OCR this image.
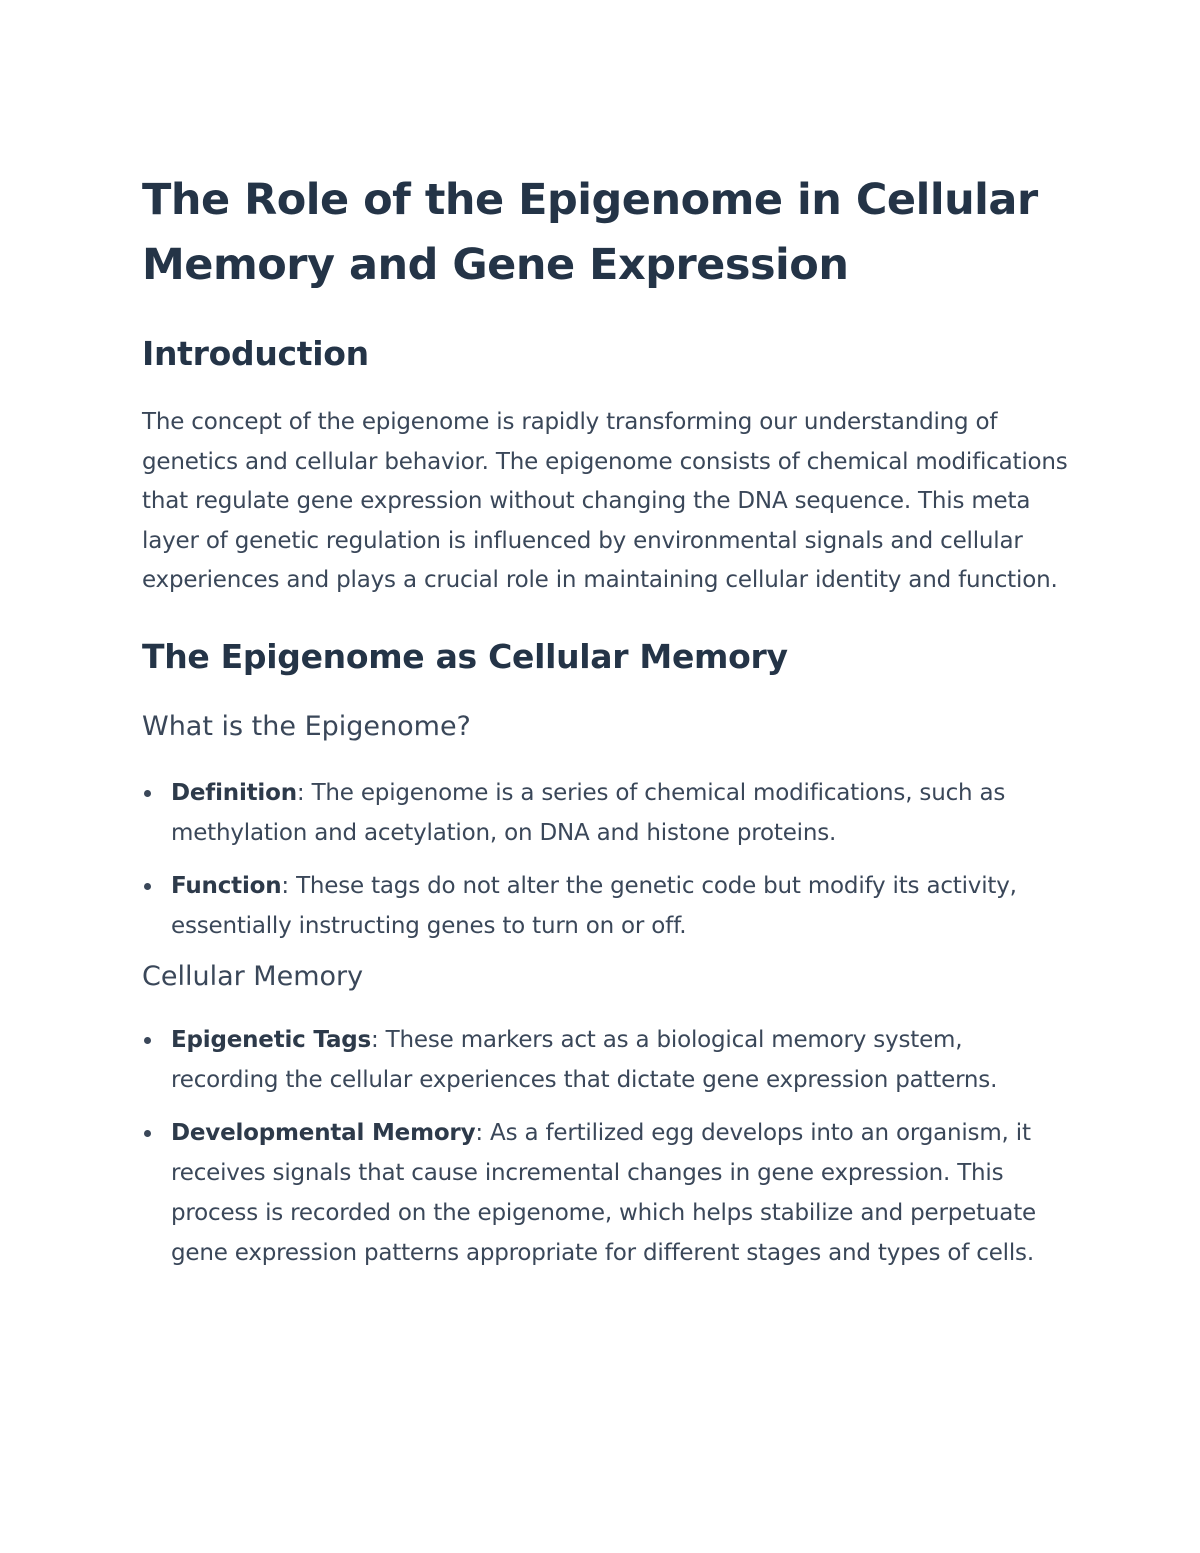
The Role of the Epigenome in Cellular Memory and Gene Expression
Introduction

The concept of the epigenome is rapidly transforming our understanding of genetics and cellular behavior. The epigenome consists of chemical modifications that regulate gene expression without changing the DNA sequence. This meta layer of genetic regulation is influenced by environmental signals and cellular experiences and plays a crucial role in maintaining cellular identity and function.

The Epigenome as Cellular Memory
What is the Epigenome?
Definition: The epigenome is a series of chemical modifications, such as methylation and acetylation, on DNA and histone proteins.
Function: These tags do not alter the genetic code but modify its activity, essentially instructing genes to turn on or off.
Cellular Memory
Epigenetic Tags: These markers act as a biological memory system, recording the cellular experiences that dictate gene expression patterns.
Developmental Memory: As a fertilized egg develops into an organism, it receives signals that cause incremental changes in gene expression. This process is recorded on the epigenome, which helps stabilize and perpetuate gene expression patterns appropriate for different stages and types of cells.
